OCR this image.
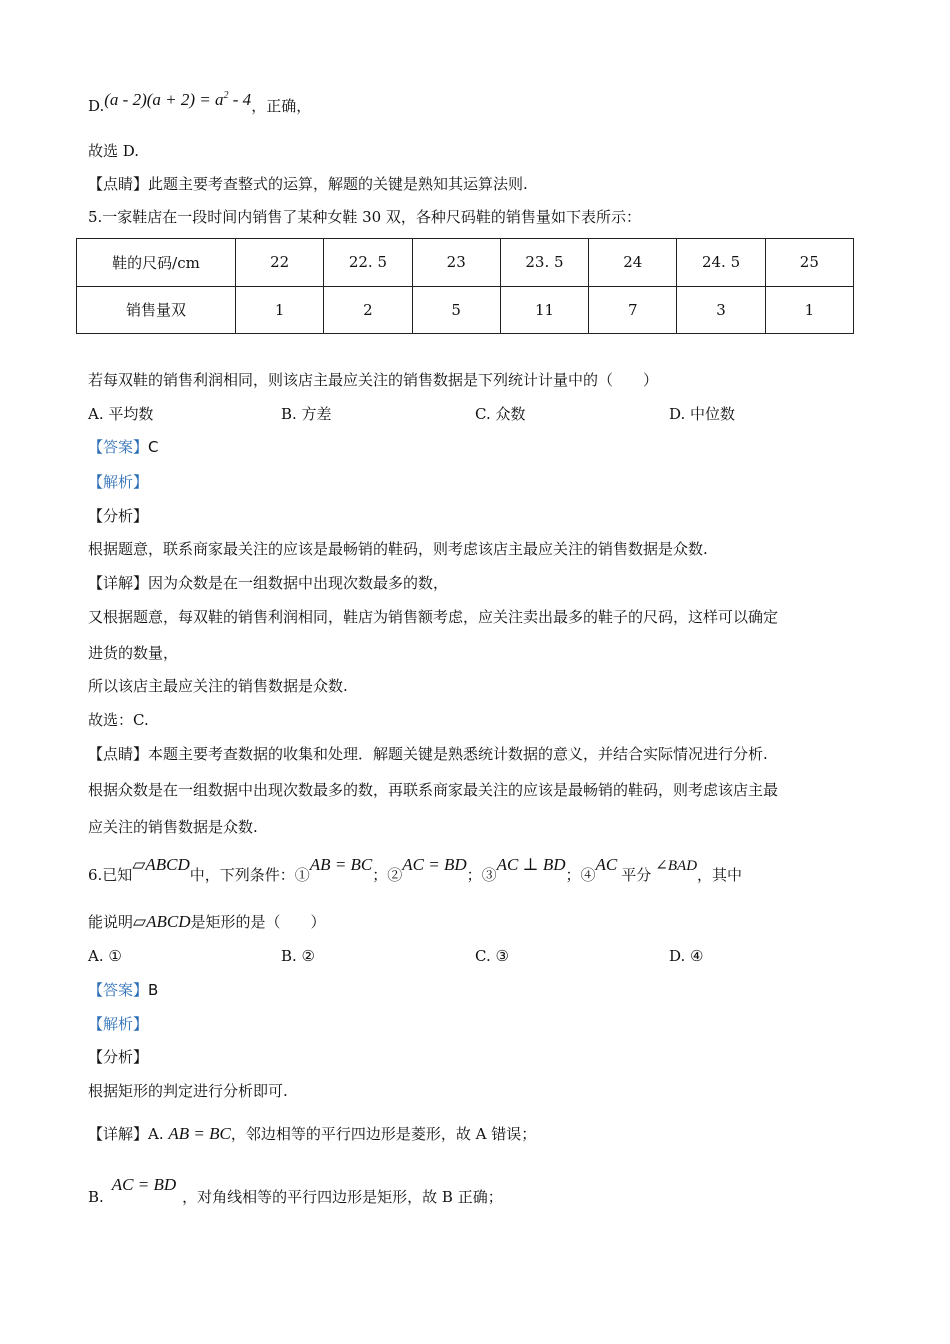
$D.(a - 2)(a + 2) = a^2 - 4$，正确，
故选 D.
【点睛】此题主要考查整式的运算，解题的关键是熟知其运算法则.
5.一家鞋店在一段时间内销售了某种女鞋 30 双，各种尺码鞋的销售量如下表所示：
鞋的尺码/cm	22	22. 5	23	23. 5	24	24. 5	25
销售量双	1	2	5	11	7	3	1
若每双鞋的销售利润相同，则该店主最应关注的销售数据是下列统计计量中的（　　）
A. 平均数	B. 方差	C. 众数	D. 中位数
【答案】C
【解析】
【分析】
根据题意，联系商家最关注的应该是最畅销的鞋码，则考虑该店主最应关注的销售数据是众数.
【详解】因为众数是在一组数据中出现次数最多的数，
又根据题意，每双鞋的销售利润相同，鞋店为销售额考虑，应关注卖出最多的鞋子的尺码，这样可以确定
进货的数量，
所以该店主最应关注的销售数据是众数.
故选：C.
【点睛】本题主要考查数据的收集和处理．解题关键是熟悉统计数据的意义，并结合实际情况进行分析.
根据众数是在一组数据中出现次数最多的数，再联系商家最关注的应该是最畅销的鞋码，则考虑该店主最
应关注的销售数据是众数.
6.已知▱ABCD中，下列条件：①AB = BC；②AC = BD；③AC ⊥ BD；④AC平分 ∠BAD，其中
能说明▱ABCD是矩形的是（　　）
A. ①	B. ②	C. ③	D. ④
【答案】B
【解析】
【分析】
根据矩形的判定进行分析即可.
【详解】A. AB = BC，邻边相等的平行四边形是菱形，故 A 错误；
B.AC = BD，对角线相等的平行四边形是矩形，故 B 正确；
